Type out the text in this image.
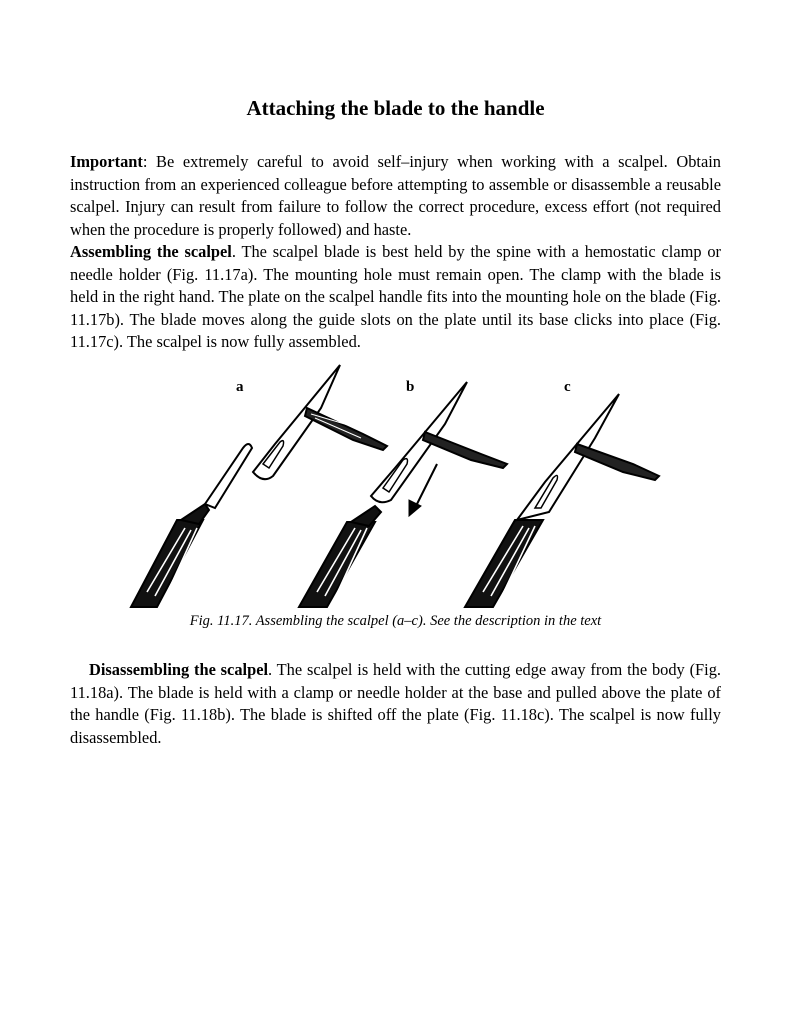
Attaching the blade to the handle

Important: Be extremely careful to avoid self–injury when working with a scalpel. Obtain instruction from an experienced colleague before attempting to assemble or disassemble a reusable scalpel. Injury can result from failure to follow the correct procedure, excess effort (not required when the procedure is properly followed) and haste.

Assembling the scalpel. The scalpel blade is best held by the spine with a hemostatic clamp or needle holder (Fig. 11.17a). The mounting hole must remain open. The clamp with the blade is held in the right hand. The plate on the scalpel handle fits into the mounting hole on the blade (Fig. 11.17b). The blade moves along the guide slots on the plate until its base clicks into place (Fig. 11.17c). The scalpel is now fully assembled.

a	b	c

Fig. 11.17. Assembling the scalpel (a–c). See the description in the text

Disassembling the scalpel. The scalpel is held with the cutting edge away from the body (Fig. 11.18a). The blade is held with a clamp or needle holder at the base and pulled above the plate of the handle (Fig. 11.18b). The blade is shifted off the plate (Fig. 11.18c). The scalpel is now fully disassembled.
